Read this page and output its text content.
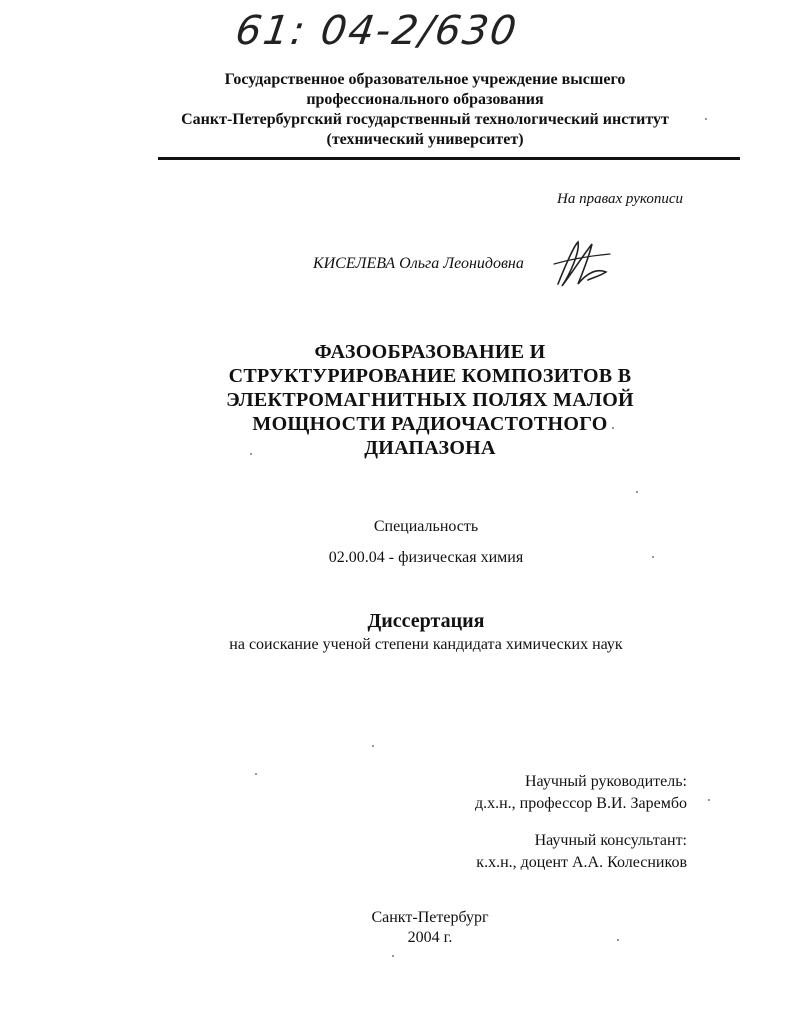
61: 04-2/630
Государственное образовательное учреждение высшего
профессионального образования
Санкт-Петербургский государственный технологический институт
(технический университет)
На правах рукописи
КИСЕЛЕВА Ольга Леонидовна
ФАЗООБРАЗОВАНИЕ И
СТРУКТУРИРОВАНИЕ КОМПОЗИТОВ В
ЭЛЕКТРОМАГНИТНЫХ ПОЛЯХ МАЛОЙ
МОЩНОСТИ РАДИОЧАСТОТНОГО
ДИАПАЗОНА
Специальность
02.00.04 - физическая химия
Диссертация
на соискание ученой степени кандидата химических наук
Научный руководитель:
д.х.н., профессор В.И. Зарембо
Научный консультант:
к.х.н., доцент А.А. Колесников
Санкт-Петербург
2004 г.
